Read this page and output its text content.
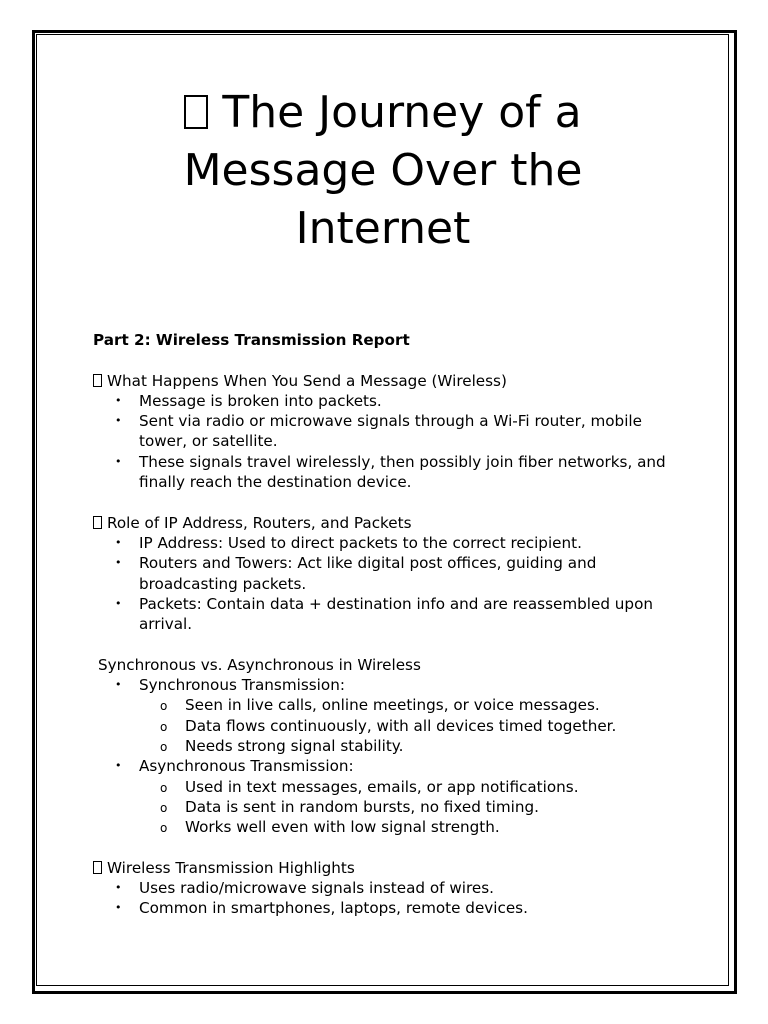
The Journey of a Message Over the Internet

Part 2: Wireless Transmission Report

What Happens When You Send a Message (Wireless)

• Message is broken into packets.
• Sent via radio or microwave signals through a Wi-Fi router, mobile tower, or satellite.
• These signals travel wirelessly, then possibly join fiber networks, and finally reach the destination device.

Role of IP Address, Routers, and Packets

• IP Address: Used to direct packets to the correct recipient.
• Routers and Towers: Act like digital post offices, guiding and broadcasting packets.
• Packets: Contain data + destination info and are reassembled upon arrival.

Synchronous vs. Asynchronous in Wireless

• Synchronous Transmission:
o Seen in live calls, online meetings, or voice messages.
o Data flows continuously, with all devices timed together.
o Needs strong signal stability.
• Asynchronous Transmission:
o Used in text messages, emails, or app notifications.
o Data is sent in random bursts, no fixed timing.
o Works well even with low signal strength.

Wireless Transmission Highlights

• Uses radio/microwave signals instead of wires.
• Common in smartphones, laptops, remote devices.
